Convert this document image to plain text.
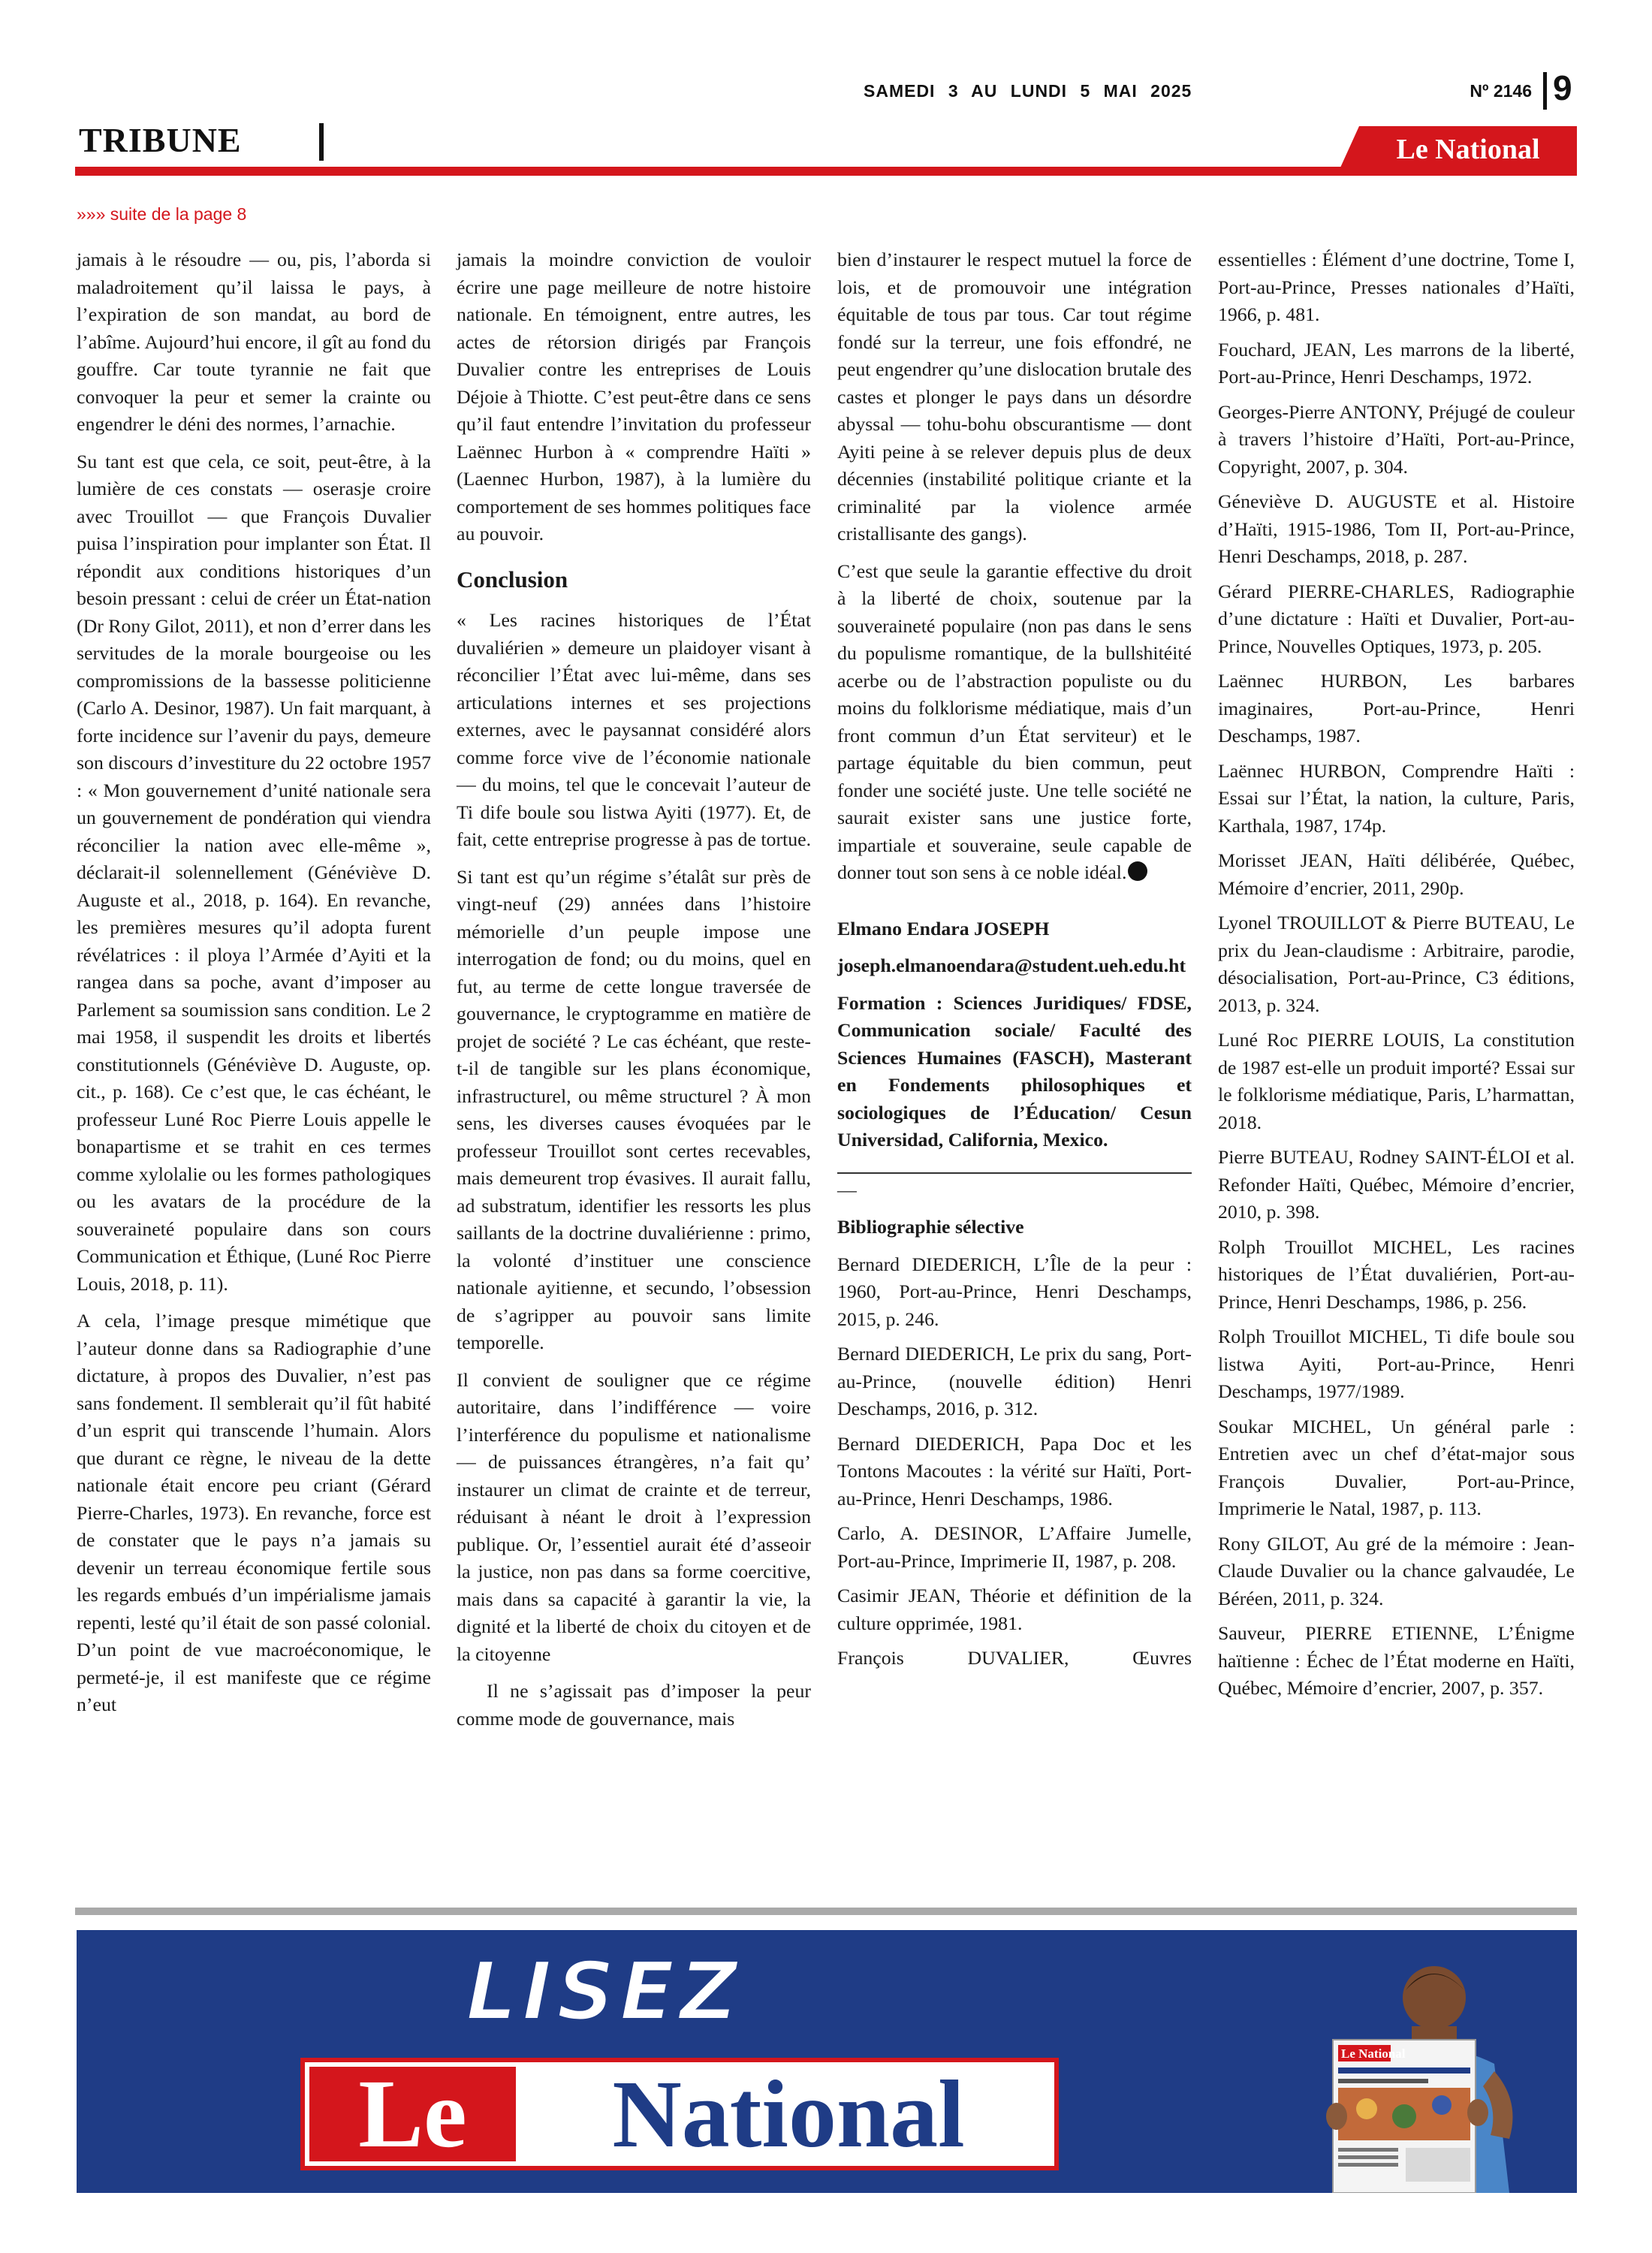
SAMEDI 3 AU LUNDI 5 MAI 2025	Nº 2146 9
TRIBUNE	Le National
»»» suite de la page 8

jamais à le résoudre — ou, pis, l’aborda si maladroitement qu’il laissa le pays, à l’expiration de son mandat, au bord de l’abîme. Aujourd’hui encore, il gît au fond du gouffre. Car toute tyrannie ne fait que convoquer la peur et semer la crainte ou engendrer le déni des normes, l’arnachie.

Su tant est que cela, ce soit, peut-être, à la lumière de ces constats — oserasje croire avec Trouillot — que François Duvalier puisa l’inspiration pour implanter son État. Il répondit aux conditions historiques d’un besoin pressant : celui de créer un État-nation (Dr Rony Gilot, 2011), et non d’errer dans les servitudes de la morale bourgeoise ou les compromissions de la bassesse politicienne (Carlo A. Desinor, 1987). Un fait marquant, à forte incidence sur l’avenir du pays, demeure son discours d’investiture du 22 octobre 1957 : « Mon gouvernement d’unité nationale sera un gouvernement de pondération qui viendra réconcilier la nation avec elle-même », déclarait-il solennellement (Généviève D. Auguste et al., 2018, p. 164). En revanche, les premières mesures qu’il adopta furent révélatrices : il ploya l’Armée d’Ayiti et la rangea dans sa poche, avant d’imposer au Parlement sa soumission sans condition. Le 2 mai 1958, il suspendit les droits et libertés constitutionnels (Généviève D. Auguste, op. cit., p. 168). Ce c’est que, le cas échéant, le professeur Luné Roc Pierre Louis appelle le bonapartisme et se trahit en ces termes comme xylolalie ou les formes pathologiques ou les avatars de la procédure de la souveraineté populaire dans son cours Communication et Éthique, (Luné Roc Pierre Louis, 2018, p. 11).

A cela, l’image presque mimétique que l’auteur donne dans sa Radiographie d’une dictature, à propos des Duvalier, n’est pas sans fondement. Il semblerait qu’il fût habité d’un esprit qui transcende l’humain. Alors que durant ce règne, le niveau de la dette nationale était encore peu criant (Gérard Pierre-Charles, 1973). En revanche, force est de constater que le pays n’a jamais su devenir un terreau économique fertile sous les regards embués d’un impérialisme jamais repenti, lesté qu’il était de son passé colonial. D’un point de vue macroéconomique, le permeté-je, il est manifeste que ce régime n’eut

jamais la moindre conviction de vouloir écrire une page meilleure de notre histoire nationale. En témoignent, entre autres, les actes de rétorsion dirigés par François Duvalier contre les entreprises de Louis Déjoie à Thiotte. C’est peut-être dans ce sens qu’il faut entendre l’invitation du professeur Laënnec Hurbon à « comprendre Haïti » (Laennec Hurbon, 1987), à la lumière du comportement de ses hommes politiques face au pouvoir.

Conclusion

« Les racines historiques de l’État duvaliérien » demeure un plaidoyer visant à réconcilier l’État avec lui-même, dans ses articulations internes et ses projections externes, avec le paysannat considéré alors comme force vive de l’économie nationale — du moins, tel que le concevait l’auteur de Ti dife boule sou listwa Ayiti (1977). Et, de fait, cette entreprise progresse à pas de tortue.

Si tant est qu’un régime s’étalât sur près de vingt-neuf (29) années dans l’histoire mémorielle d’un peuple impose une interrogation de fond; ou du moins, quel en fut, au terme de cette longue traversée de gouvernance, le cryptogramme en matière de projet de société ? Le cas échéant, que reste-t-il de tangible sur les plans économique, infrastructurel, ou même structurel ? À mon sens, les diverses causes évoquées par le professeur Trouillot sont certes recevables, mais demeurent trop évasives. Il aurait fallu, ad substratum, identifier les ressorts les plus saillants de la doctrine duvaliérienne : primo, la volonté d’instituer une conscience nationale ayitienne, et secundo, l’obsession de s’agripper au pouvoir sans limite temporelle.

Il convient de souligner que ce régime autoritaire, dans l’indifférence — voire l’interférence du populisme et nationalisme — de puissances étrangères, n’a fait qu’ instaurer un climat de crainte et de terreur, réduisant à néant le droit à l’expression publique. Or, l’essentiel aurait été d’asseoir la justice, non pas dans sa forme coercitive, mais dans sa capacité à garantir la vie, la dignité et la liberté de choix du citoyen et de la citoyenne

Il ne s’agissait pas d’imposer la peur comme mode de gouvernance, mais

bien d’instaurer le respect mutuel la force de lois, et de promouvoir une intégration équitable de tous par tous. Car tout régime fondé sur la terreur, une fois effondré, ne peut engendrer qu’une dislocation brutale des castes et plonger le pays dans un désordre abyssal — tohu-bohu obscurantisme — dont Ayiti peine à se relever depuis plus de deux décennies (instabilité politique criante et la criminalité par la violence armée cristallisante des gangs).

C’est que seule la garantie effective du droit à la liberté de choix, soutenue par la souveraineté populaire (non pas dans le sens du populisme romantique, de la bullshitéité acerbe ou de l’abstraction populiste ou du moins du folklorisme médiatique, mais d’un front commun d’un État serviteur) et le partage équitable du bien commun, peut fonder une société juste. Une telle société ne saurait exister sans une justice forte, impartiale et souveraine, seule capable de donner tout son sens à ce noble idéal.

Elmano Endara JOSEPH

joseph.elmanoendara@student.ueh.edu.ht

Formation : Sciences Juridiques/ FDSE, Communication sociale/ Faculté des Sciences Humaines (FASCH), Masterant en Fondements philosophiques et sociologiques de l’Éducation/ Cesun Universidad, California, Mexico.

—

Bibliographie sélective

Bernard DIEDERICH, L’Île de la peur : 1960, Port-au-Prince, Henri Deschamps, 2015, p. 246.

Bernard DIEDERICH, Le prix du sang, Port-au-Prince, (nouvelle édition) Henri Deschamps, 2016, p. 312.

Bernard DIEDERICH, Papa Doc et les Tontons Macoutes : la vérité sur Haïti, Port-au-Prince, Henri Deschamps, 1986.

Carlo, A. DESINOR, L’Affaire Jumelle, Port-au-Prince, Imprimerie II, 1987, p. 208.

Casimir JEAN, Théorie et définition de la culture opprimée, 1981.

François DUVALIER, Œuvres

essentielles : Élément d’une doctrine, Tome I, Port-au-Prince, Presses nationales d’Haïti, 1966, p. 481.

Fouchard, JEAN, Les marrons de la liberté, Port-au-Prince, Henri Deschamps, 1972.

Georges-Pierre ANTONY, Préjugé de couleur à travers l’histoire d’Haïti, Port-au-Prince, Copyright, 2007, p. 304.

Géneviève D. AUGUSTE et al. Histoire d’Haïti, 1915-1986, Tom II, Port-au-Prince, Henri Deschamps, 2018, p. 287.

Gérard PIERRE-CHARLES, Radiographie d’une dictature : Haïti et Duvalier, Port-au-Prince, Nouvelles Optiques, 1973, p. 205.

Laënnec HURBON, Les barbares imaginaires, Port-au-Prince, Henri Deschamps, 1987.

Laënnec HURBON, Comprendre Haïti : Essai sur l’État, la nation, la culture, Paris, Karthala, 1987, 174p.

Morisset JEAN, Haïti délibérée, Québec, Mémoire d’encrier, 2011, 290p.

Lyonel TROUILLOT & Pierre BUTEAU, Le prix du Jean-claudisme : Arbitraire, parodie, désocialisation, Port-au-Prince, C3 éditions, 2013, p. 324.

Luné Roc PIERRE LOUIS, La constitution de 1987 est-elle un produit importé? Essai sur le folklorisme médiatique, Paris, L’harmattan, 2018.

Pierre BUTEAU, Rodney SAINT-ÉLOI et al. Refonder Haïti, Québec, Mémoire d’encrier, 2010, p. 398.

Rolph Trouillot MICHEL, Les racines historiques de l’État duvaliérien, Port-au-Prince, Henri Deschamps, 1986, p. 256.

Rolph Trouillot MICHEL, Ti dife boule sou listwa Ayiti, Port-au-Prince, Henri Deschamps, 1977/1989.

Soukar MICHEL, Un général parle : Entretien avec un chef d’état-major sous François Duvalier, Port-au-Prince, Imprimerie le Natal, 1987, p. 113.

Rony GILOT, Au gré de la mémoire : Jean-Claude Duvalier ou la chance galvaudée, Le Béréen, 2011, p. 324.

Sauveur, PIERRE ETIENNE, L’Énigme haïtienne : Échec de l’État moderne en Haïti, Québec, Mémoire d’encrier, 2007, p. 357.

LISEZ
Le	National
Le National
